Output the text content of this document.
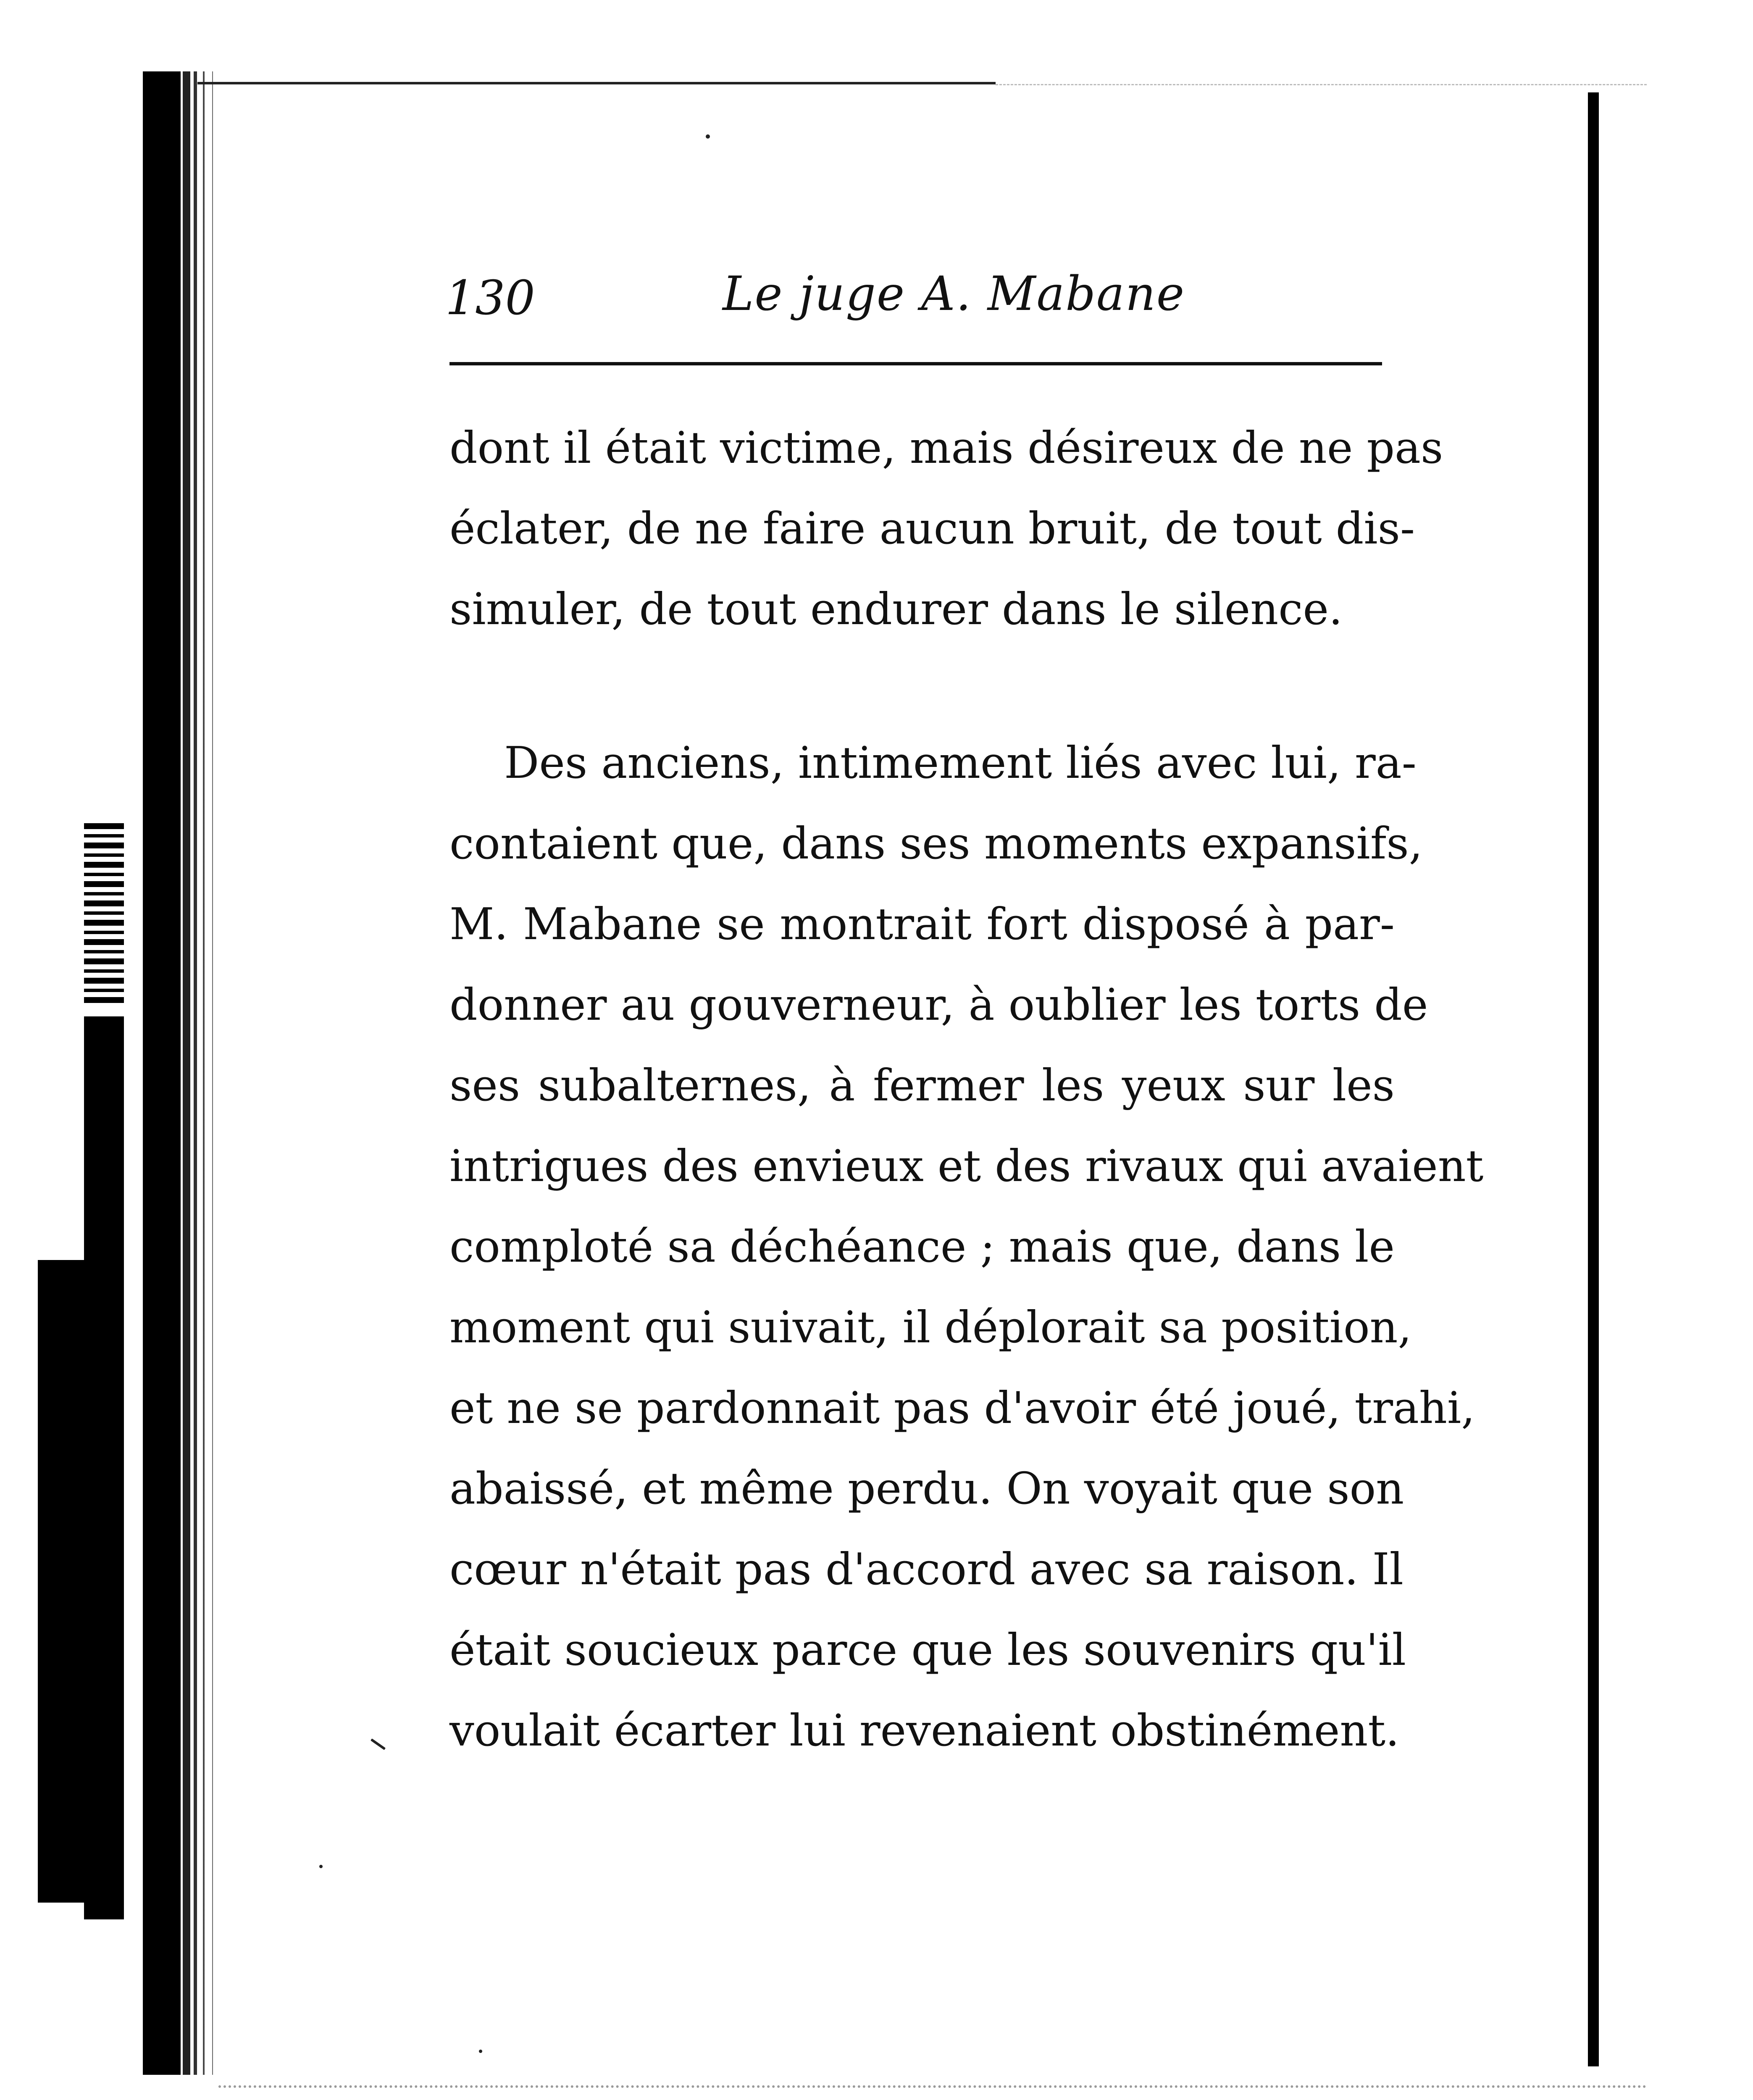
130	Le juge A. Mabane
dont il était victime, mais désireux de ne pas
éclater, de ne faire aucun bruit, de tout dis-
simuler, de tout endurer dans le silence.
Des anciens, intimement liés avec lui, ra-
contaient que, dans ses moments expansifs,
M. Mabane se montrait fort disposé à par-
donner au gouverneur, à oublier les torts de
ses subalternes, à fermer les yeux sur les
intrigues des envieux et des rivaux qui avaient
comploté sa déchéance ; mais que, dans le
moment qui suivait, il déplorait sa position,
et ne se pardonnait pas d'avoir été joué, trahi,
abaissé, et même perdu. On voyait que son
cœur n'était pas d'accord avec sa raison. Il
était soucieux parce que les souvenirs qu'il
voulait écarter lui revenaient obstinément.
